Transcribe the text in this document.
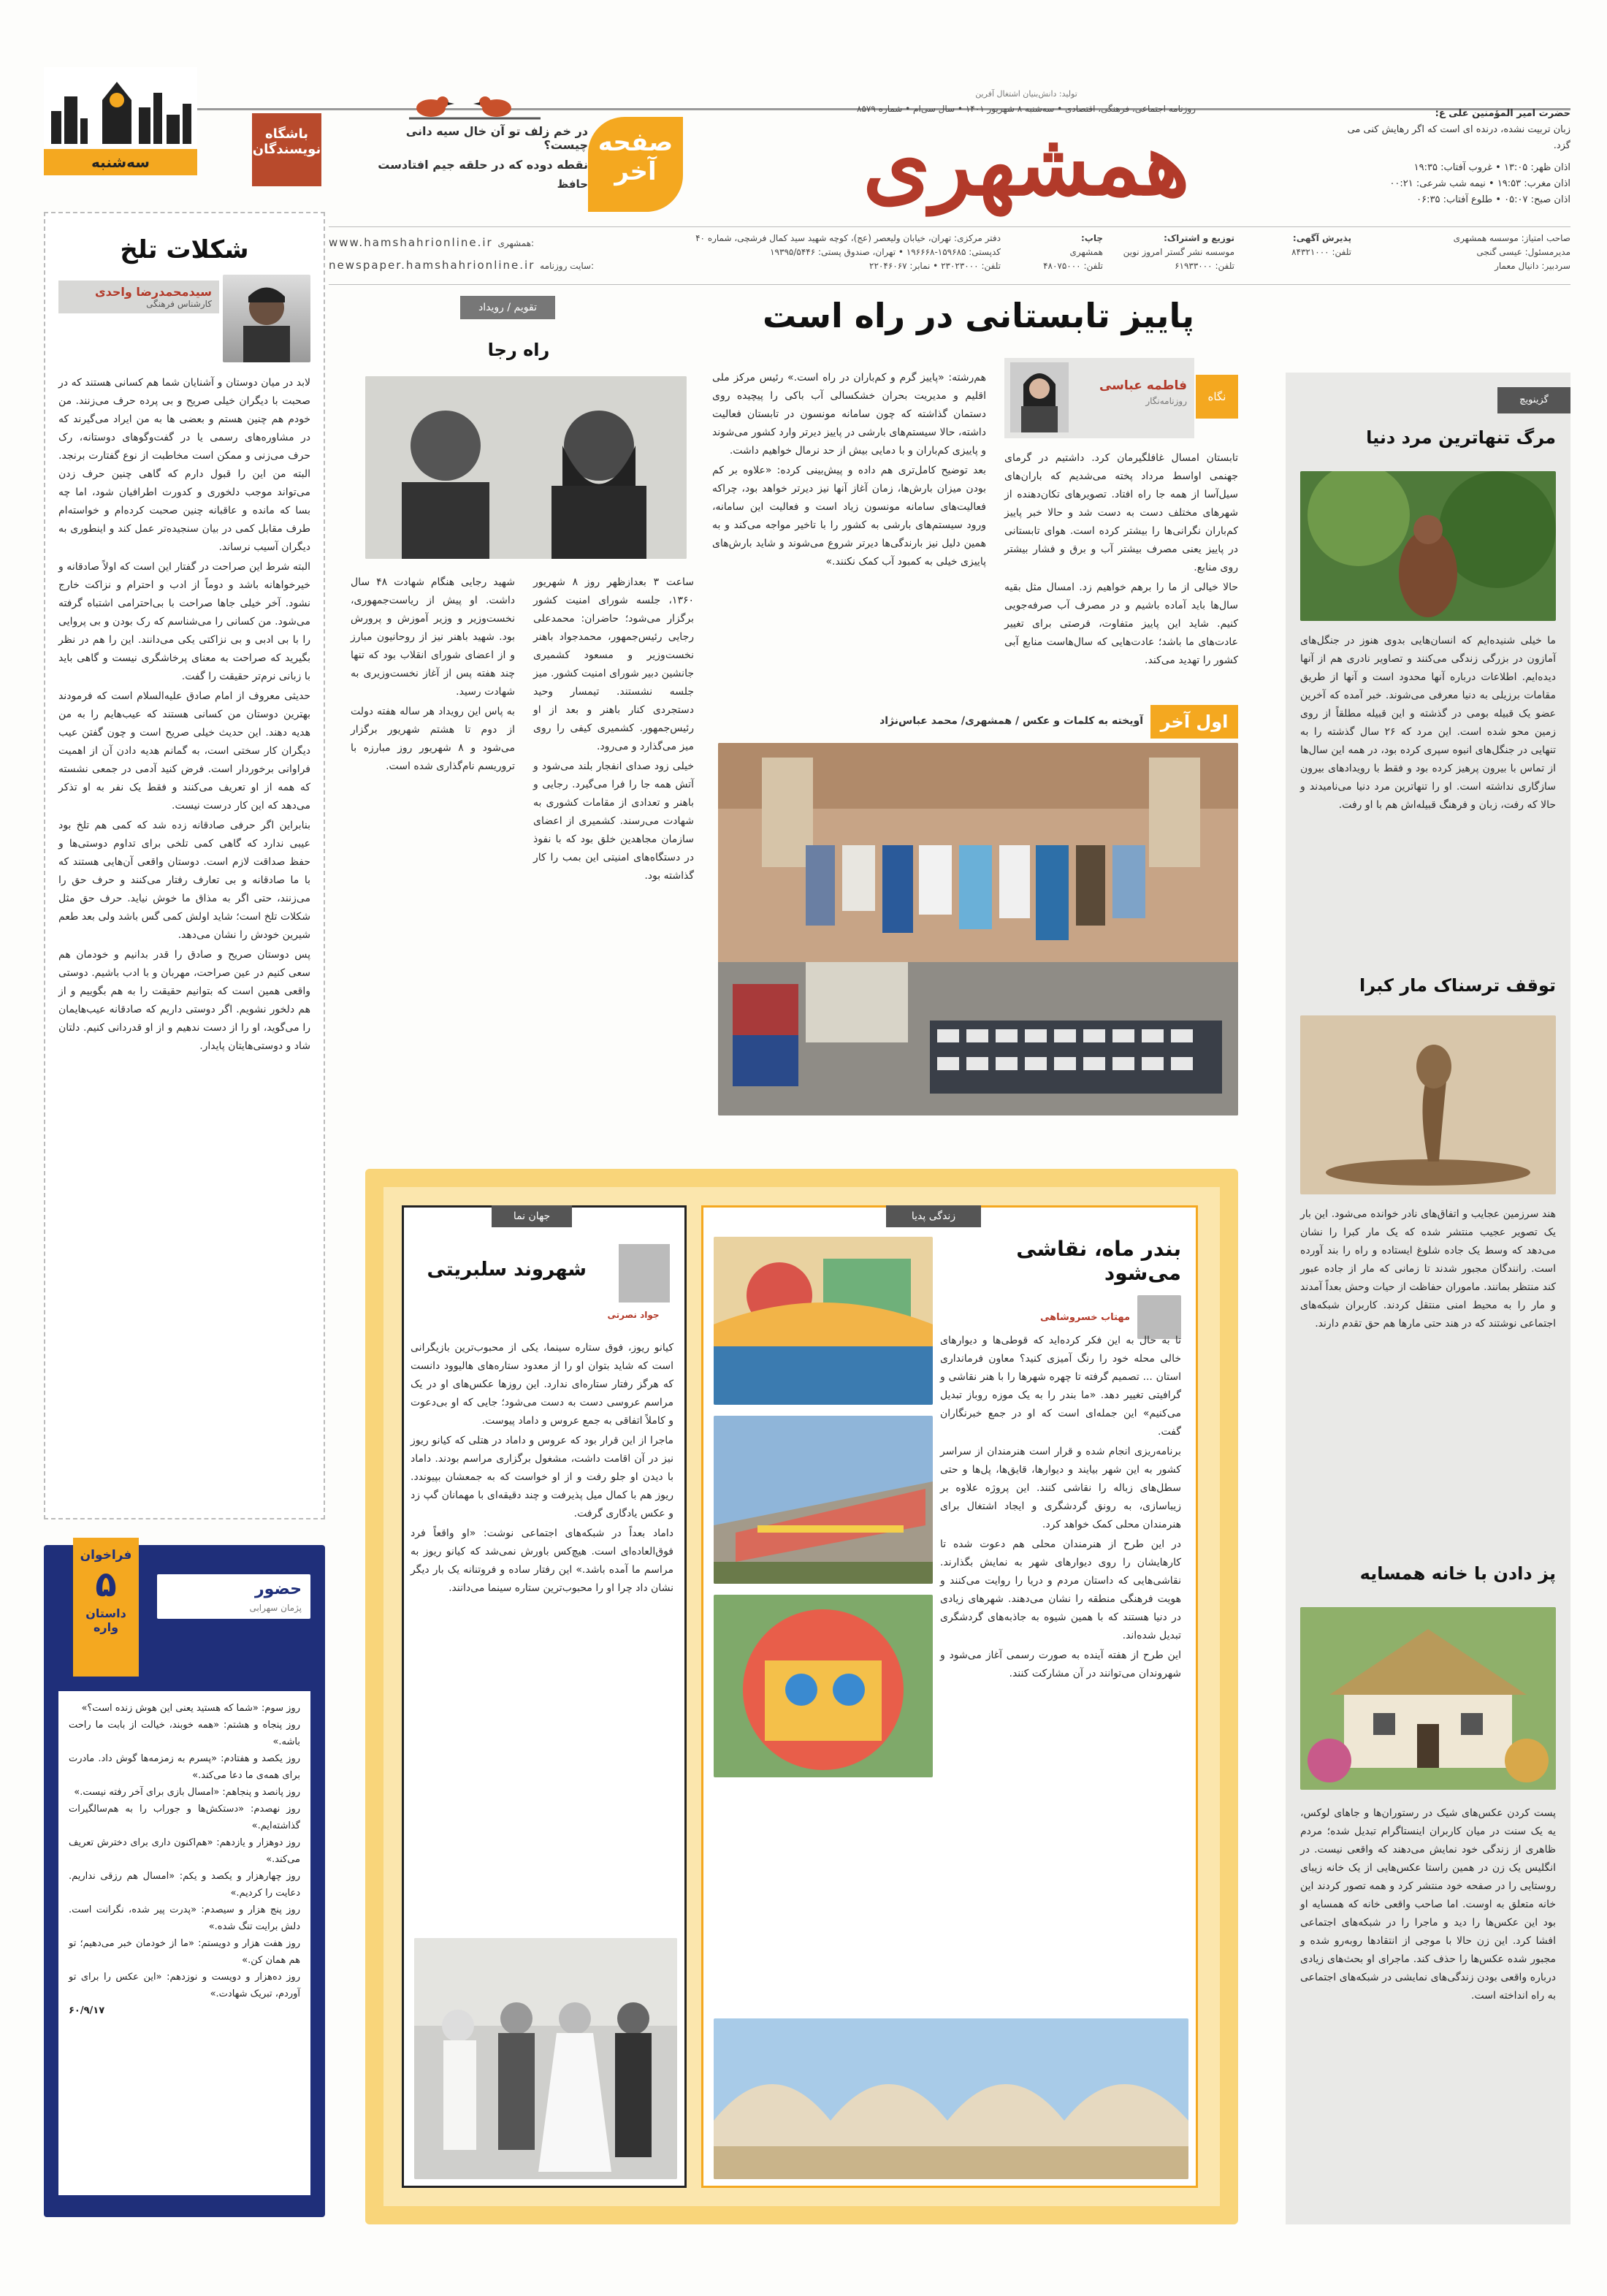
سه‌شنبه
باشگاه
نویسندگان
در خم زلف تو آن خال سیه دانی چیست؟
نقطه دوده که در حلقه جیم افتادست
حافظ
صفحه
آخر	همشهری
روزنامه اجتماعی، فرهنگی، اقتصادی • سه‌شنبه ۸ شهریور ۱۴۰۱ • سال سی‌ام • شماره ۸۵۷۹
تولید: دانش‌بنیان اشتغال آفرین
حضرت امیر المؤمنین علی ع:
زبان تربیت نشده، درنده ای است که اگر رهایش کنی می گزد.
اذان ظهر: ۱۳:۰۵ • غروب آفتاب: ۱۹:۳۵
اذان مغرب: ۱۹:۵۳ • نیمه شب شرعی: ۰۰:۲۱
اذان صبح: ۰۵:۰۷ • طلوع آفتاب: ۰۶:۳۵
صاحب امتیاز: موسسه همشهری
مدیرمسئول: عیسی گنجی
سردبیر: دانیال معمار
پذیرش آگهی:
تلفن: ۸۴۳۲۱۰۰۰
توزیع و اشتراک:
موسسه نشر گستر امروز نوین
تلفن: ۶۱۹۳۳۰۰۰
چاپ:
همشهری
تلفن: ۴۸۰۷۵۰۰۰
دفتر مرکزی: تهران، خیابان ولیعصر (عج)، کوچه شهید سید کمال فرشچی، شماره ۴۰
کدپستی: ۱۵۹۶۸۵-۱۹۶۶۶۸ • تهران، صندوق پستی: ۱۹۳۹۵/۵۴۴۶
تلفن: ۲۳۰۲۳۰۰۰ • نمابر: ۲۲۰۴۶۰۶۷
www.hamshahrionline.ir همشهری:
newspaper.hamshahrionline.ir سایت روزنامه:
شکلات تلخ
سیدمحمدرضا واحدی
کارشناس فرهنگی

لابد در میان دوستان و آشنایان شما هم کسانی هستند که در صحبت با دیگران خیلی صریح و بی پرده حرف می‌زنند. من خودم هم چنین هستم و بعضی ها به من ایراد می‌گیرند که در مشاوره‌های رسمی یا در گفت‌وگوهای دوستانه، رک حرف می‌زنی و ممکن است مخاطبت از نوع گفتارت برنجد. البته من این را قبول دارم که گاهی چنین حرف زدن می‌تواند موجب دلخوری و کدورت اطرافیان شود، اما چه بسا که مانده و عاقبانه چنین صحبت کرده‌ام و خواسته‌ام طرف مقابل کمی در بیان سنجیده‌تر عمل کند و اینطوری به دیگران آسیب نرساند.

البته شرط این صراحت در گفتار این است که اولاً صادقانه و خیرخواهانه باشد و دوماً از ادب و احترام و نزاکت خارج نشود. آخر خیلی جاها صراحت با بی‌احترامی اشتباه گرفته می‌شود. من کسانی را می‌شناسم که رک بودن و بی پروایی را با بی ادبی و بی نزاکتی یکی می‌دانند. این را هم در نظر بگیرید که صراحت به معنای پرخاشگری نیست و گاهی باید با زبانی نرم‌تر حقیقت را گفت.

حدیثی معروف از امام صادق علیه‌السلام است که فرمودند بهترین دوستان من کسانی هستند که عیب‌هایم را به من هدیه دهند. این حدیث خیلی صریح است و چون گفتن عیب دیگران کار سختی است، به گمانم هدیه دادن آن از اهمیت فراوانی برخوردار است. فرض کنید آدمی در جمعی نشسته که همه از او تعریف می‌کنند و فقط یک نفر به او تذکر می‌دهد که این کار درست نیست.

بنابراین اگر حرفی صادقانه زده شد که کمی هم تلخ بود عیبی ندارد که گاهی کمی تلخی برای تداوم دوستی‌ها و حفظ صداقت لازم است. دوستان واقعی آن‌هایی هستند که با ما صادقانه و بی تعارف رفتار می‌کنند و حرف حق را می‌زنند، حتی اگر به مذاق ما خوش نیاید. حرف حق مثل شکلات تلخ است؛ شاید اولش کمی گس باشد ولی بعد طعم شیرین خودش را نشان می‌دهد.

پس دوستان صریح و صادق را قدر بدانیم و خودمان هم سعی کنیم در عین صراحت، مهربان و با ادب باشیم. دوستی واقعی همین است که بتوانیم حقیقت را به هم بگوییم و از هم دلخور نشویم. اگر دوستی داریم که صادقانه عیب‌هایمان را می‌گوید، او را از دست ندهیم و از او قدردانی کنیم. دلتان شاد و دوستی‌هایتان پایدار.

فراخوان
۵
داستان
واره
حضور
پژمان سهرابی

روز سوم: «شما که هستید یعنی این هوش زنده است؟»

روز پنجاه و هشتم: «همه خوبند، خیالت از بابت ما راحت باشه.»

روز یکصد و هفتادم: «پسرم به زمزمه‌ها گوش داد. مادرت برای همه‌ی ما دعا می‌کند.»

روز پانصد و پنجاهم: «امسال بازی برای آخر رفته نیست.»

روز نهصدم: «دستکش‌ها و جوراب را به هم‌سالگیرات گذاشته‌ایم.»

روز دوهزار و یازدهم: «هم‌اکنون داری برای دخترش تعریف می‌کند.»

روز چهارهزار و یکصد و یکم: «امسال هم رزقی نداریم. دعایت را کردیم.»

روز پنج هزار و سیصدم: «پدرت پیر شده، نگرانت است. دلش برایت تنگ شده.»

روز هفت هزار و دویستم: «ما از خودمان خبر می‌دهیم؛ تو هم همان کن.»

روز ده‌هزار و دویست و نوزدهم: «این عکس را برای تو آوردم، تبریک شهادت.»

۶۰/۹/۱۷

تقویم / رویداد
راه رجا

ساعت ۳ بعدازظهر روز ۸ شهریور ۱۳۶۰، جلسه شورای امنیت کشور برگزار می‌شود؛ حاضران: محمدعلی رجایی رئیس‌جمهور، محمدجواد باهنر نخست‌وزیر و مسعود کشمیری جانشین دبیر شورای امنیت کشور. میز جلسه نشستند. تیمسار وحید دستجردی کنار باهنر و بعد از او رئیس‌جمهور. کشمیری کیفی را روی میز می‌گذارد و می‌رود.

خیلی زود صدای انفجار بلند می‌شود و آتش همه جا را فرا می‌گیرد. رجایی و باهنر و تعدادی از مقامات کشوری به شهادت می‌رسند. کشمیری از اعضای سازمان مجاهدین خلق بود که با نفوذ در دستگاه‌های امنیتی این بمب را کار گذاشته بود.

شهید رجایی هنگام شهادت ۴۸ سال داشت. او پیش از ریاست‌جمهوری، نخست‌وزیر و وزیر آموزش و پرورش بود. شهید باهنر نیز از روحانیون مبارز و از اعضای شورای انقلاب بود که تنها چند هفته پس از آغاز نخست‌وزیری به شهادت رسید.

به پاس این رویداد هر ساله هفته دولت از دوم تا هشتم شهریور برگزار می‌شود و ۸ شهریور روز مبارزه با تروریسم نام‌گذاری شده است.

پاییز تابستانی در راه است
نگاه
فاطمه عباسی
روزنامه‌نگار

تابستان امسال غافلگیرمان کرد. داشتیم در گرمای جهنمی اواسط مرداد پخته می‌شدیم که باران‌های سیل‌آسا از همه جا راه افتاد. تصویرهای تکان‌دهنده از شهرهای مختلف دست به دست شد و حالا خبر پاییز کم‌باران نگرانی‌ها را بیشتر کرده است. هوای تابستانی در پاییز یعنی مصرف بیشتر آب و برق و فشار بیشتر روی منابع.

حالا خیالی از ما را برهم خواهیم زد. امسال مثل بقیه سال‌ها باید آماده باشیم و در مصرف آب صرفه‌جویی کنیم. شاید این پاییز متفاوت، فرصتی برای تغییر عادت‌های ما باشد؛ عادت‌هایی که سال‌هاست منابع آبی کشور را تهدید می‌کند.

هم‌رشته: «پاییز گرم و کم‌باران در راه است.» رئیس مرکز ملی اقلیم و مدیریت بحران خشکسالی آب باکی را پیچیده روی دستمان گذاشته که چون سامانه مونسون در تابستان فعالیت داشته، حالا سیستم‌های بارشی در پاییز دیرتر وارد کشور می‌شوند و پاییزی کم‌باران و با دمایی بیش از حد نرمال خواهیم داشت.

بعد توضیح کامل‌تری هم داده و پیش‌بینی کرده: «علاوه بر کم بودن میزان بارش‌ها، زمان آغاز آنها نیز دیرتر خواهد بود، چراکه فعالیت‌های سامانه مونسون زیاد است و فعالیت این سامانه، ورود سیستم‌های بارشی به کشور را با تاخیر مواجه می‌کند و به همین دلیل نیز بارندگی‌ها دیرتر شروع می‌شوند و شاید بارش‌های پاییزی خیلی به کمبود آب کمک نکنند.»

اول آخر
آویخته به کلمات و عکس / همشهری/ محمد عباس‌نژاد
زندگی پدیا
بندر ماه، نقاشی می‌شود
مهتاب خسروشاهی

تا به حال به این فکر کرده‌اید که قوطی‌ها و دیوارهای خالی محله خود را رنگ آمیزی کنید؟ معاون فرمانداری استان ... تصمیم گرفته تا چهره شهرها را با هنر نقاشی و گرافیتی تغییر دهد. «ما بندر را به یک موزه روباز تبدیل می‌کنیم» این جمله‌ای است که او در جمع خبرنگاران گفت.

برنامه‌ریزی انجام شده و قرار است هنرمندان از سراسر کشور به این شهر بیایند و دیوارها، قایق‌ها، پل‌ها و حتی سطل‌های زباله را نقاشی کنند. این پروژه علاوه بر زیباسازی، به رونق گردشگری و ایجاد اشتغال برای هنرمندان محلی کمک خواهد کرد.

در این طرح از هنرمندان محلی هم دعوت شده تا کارهایشان را روی دیوارهای شهر به نمایش بگذارند. نقاشی‌هایی که داستان مردم و دریا را روایت می‌کنند و هویت فرهنگی منطقه را نشان می‌دهند. شهرهای زیادی در دنیا هستند که با همین شیوه به جاذبه‌های گردشگری تبدیل شده‌اند.

این طرح از هفته آینده به صورت رسمی آغاز می‌شود و شهروندان می‌توانند در آن مشارکت کنند.

جهان نما
شهروند سلبریتی
جواد نصرتی

کیانو ریوز، فوق ستاره سینما، یکی از محبوب‌ترین بازیگرانی است که شاید بتوان او را از معدود ستاره‌های هالیوود دانست که هرگز رفتار ستاره‌ای ندارد. این روزها عکس‌های او در یک مراسم عروسی دست به دست می‌شود؛ جایی که او بی‌دعوت و کاملاً اتفاقی به جمع عروس و داماد پیوست.

ماجرا از این قرار بود که عروس و داماد در هتلی که کیانو ریوز نیز در آن اقامت داشت، مشغول برگزاری مراسم بودند. داماد با دیدن او جلو رفت و از او خواست که به جمعشان بپیوندد. ریوز هم با کمال میل پذیرفت و چند دقیقه‌ای با مهمانان گپ زد و عکس یادگاری گرفت.

داماد بعداً در شبکه‌های اجتماعی نوشت: «او واقعاً فرد فوق‌العاده‌ای است. هیچ‌کس باورش نمی‌شد که کیانو ریوز به مراسم ما آمده باشد.» این رفتار ساده و فروتنانه یک بار دیگر نشان داد چرا او را محبوب‌ترین ستاره سینما می‌دانند.

گزینویچ
مرگ تنهاترین مرد دنیا
ما خیلی شنیده‌ایم که انسان‌هایی بدوی هنوز در جنگل‌های آمازون در بزرگی زندگی می‌کنند و تصاویر نادری هم از آنها دیده‌ایم. اطلاعات درباره آنها محدود است و آنها از طریق مقامات برزیلی به دنیا معرفی می‌شوند. خبر آمده که آخرین عضو یک قبیله بومی در گذشته و این قبیله مطلقاً از روی زمین محو شده است. این مرد که ۲۶ سال گذشته را به تنهایی در جنگل‌های انبوه سپری کرده بود، در همه این سال‌ها از تماس با بیرون پرهیز کرده بود و فقط با رویدادهای بیرون سازگاری نداشته است. او را تنهاترین مرد دنیا می‌نامیدند و حالا که رفت، زبان و فرهنگ قبیله‌اش هم با او رفت.
توقف ترسناک مار کبرا
هند سرزمین عجایب و اتفاق‌های نادر خوانده می‌شود. این بار یک تصویر عجیب منتشر شده که یک مار کبرا را نشان می‌دهد که وسط یک جاده شلوغ ایستاده و راه را بند آورده است. رانندگان مجبور شدند تا زمانی که مار از جاده عبور کند منتظر بمانند. ماموران حفاظت از حیات وحش بعداً آمدند و مار را به محیط امنی منتقل کردند. کاربران شبکه‌های اجتماعی نوشتند که در هند حتی مارها هم حق تقدم دارند.
پز دادن با خانه همسایه
پست کردن عکس‌های شیک در رستوران‌ها و جاهای لوکس، یه یک سنت در میان کاربران اینستاگرام تبدیل شده؛ مردم ظاهری از زندگی خود نمایش می‌دهند که واقعی نیست. در انگلیس یک زن در همین راستا عکس‌هایی از یک خانه زیبای روستایی را در صفحه خود منتشر کرد و همه تصور کردند این خانه متعلق به اوست. اما صاحب واقعی خانه که همسایه او بود این عکس‌ها را دید و ماجرا را در شبکه‌های اجتماعی افشا کرد. این زن حالا با موجی از انتقادها روبه‌رو شده و مجبور شده عکس‌ها را حذف کند. ماجرای او بحث‌های زیادی درباره واقعی بودن زندگی‌های نمایشی در شبکه‌های اجتماعی به راه انداخته است.
